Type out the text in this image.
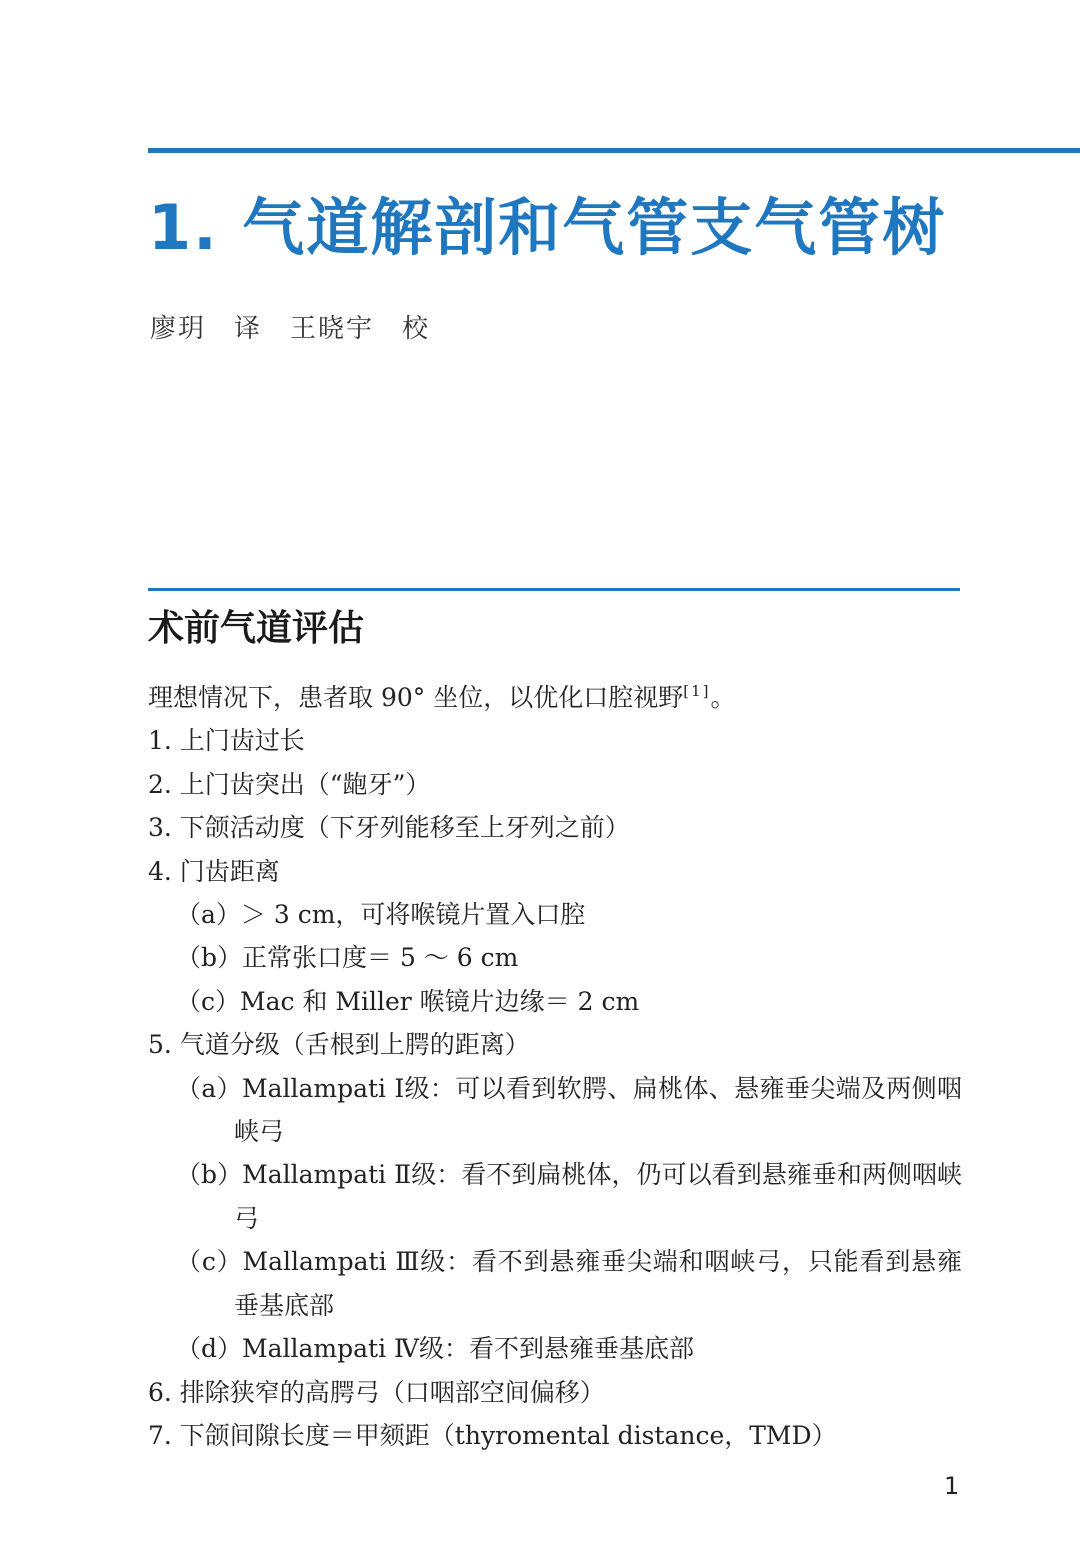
1. 气道解剖和气管支气管树
廖玥 译 王晓宇 校
术前气道评估
理想情况下，患者取 90° 坐位，以优化口腔视野[1]。
1. 上门齿过长
2. 上门齿突出（“龅牙”）
3. 下颌活动度（下牙列能移至上牙列之前）
4. 门齿距离
（a）＞ 3 cm，可将喉镜片置入口腔
（b）正常张口度＝ 5 ～ 6 cm
（c）Mac 和 Miller 喉镜片边缘＝ 2 cm
5. 气道分级（舌根到上腭的距离）
（a）Mallampati Ⅰ级：可以看到软腭、扁桃体、悬雍垂尖端及两侧咽峡弓
（b）Mallampati Ⅱ级：看不到扁桃体，仍可以看到悬雍垂和两侧咽峡弓
（c）Mallampati Ⅲ级：看不到悬雍垂尖端和咽峡弓，只能看到悬雍垂基底部
（d）Mallampati Ⅳ级：看不到悬雍垂基底部
6. 排除狭窄的高腭弓（口咽部空间偏移）
7. 下颌间隙长度＝甲颏距（thyromental distance，TMD）
1
